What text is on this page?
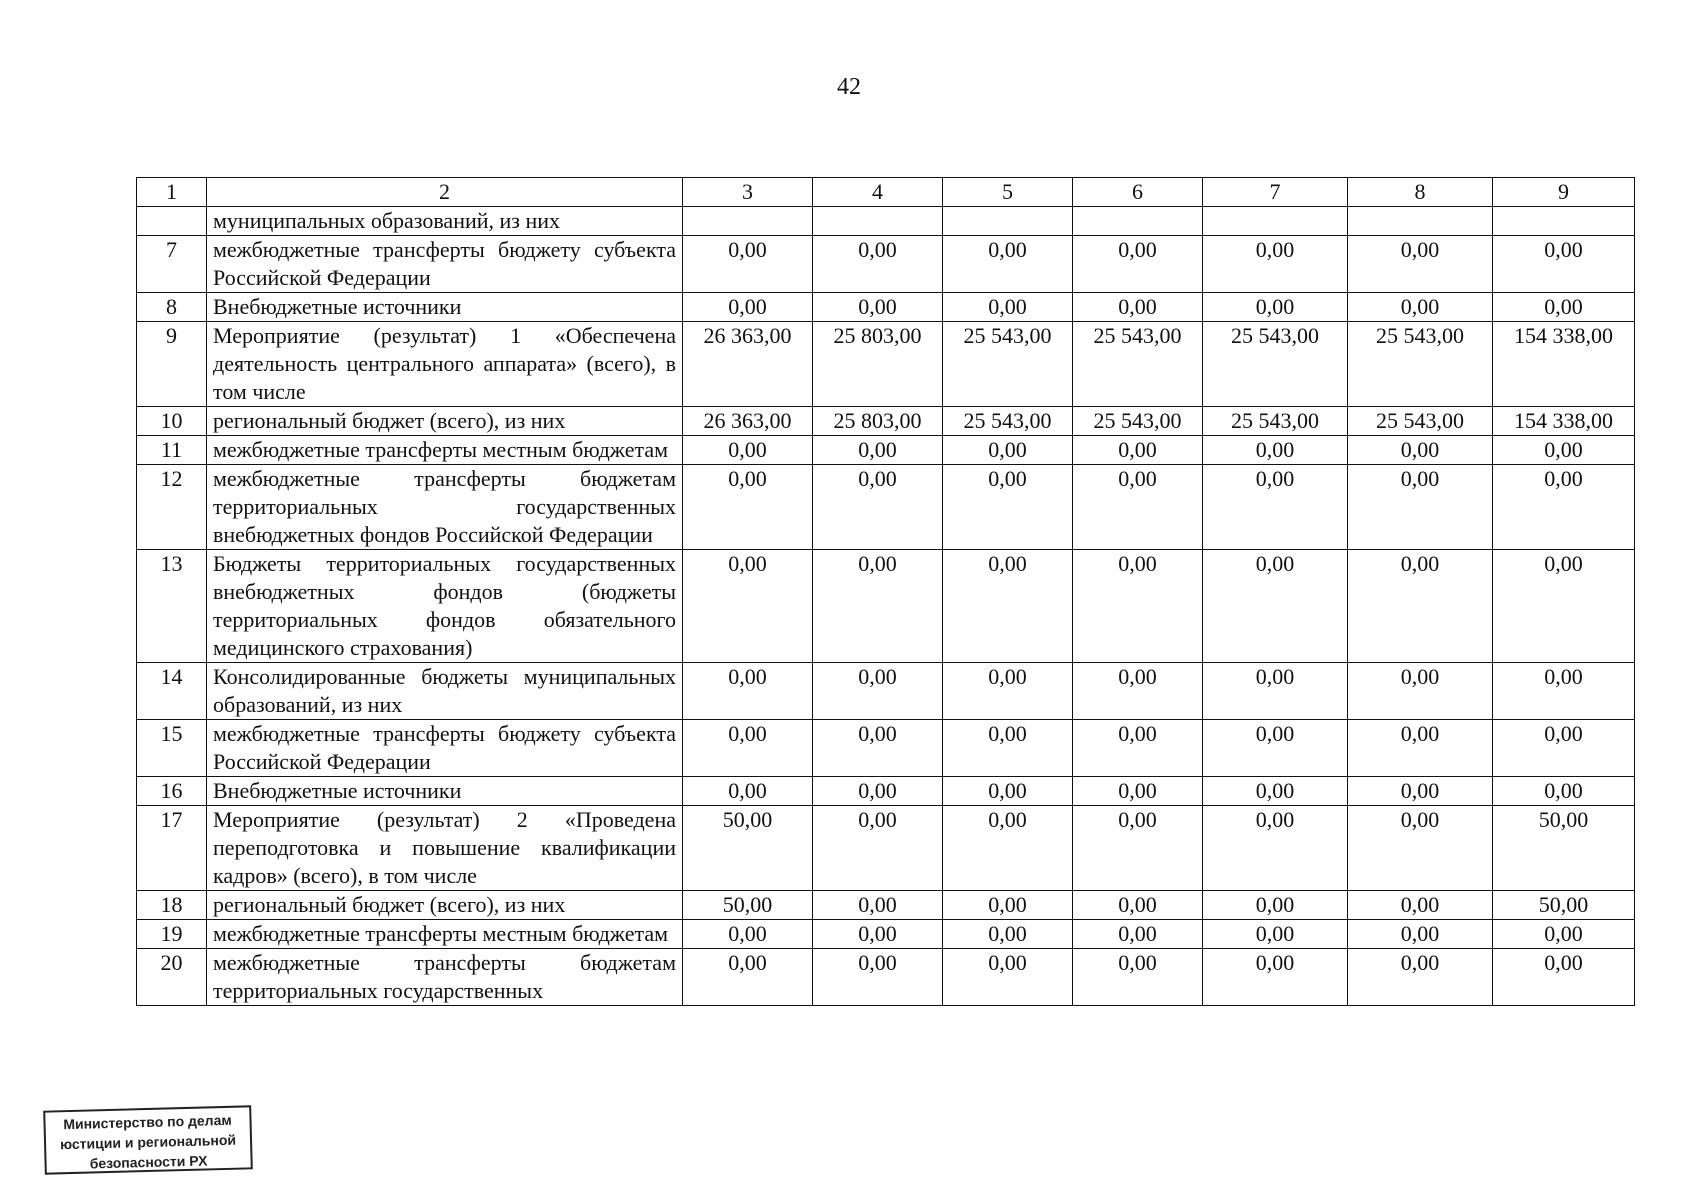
42
1	2	3	4	5	6	7	8	9
	муниципальных образований, из них							
7	межбюджетные трансферты бюджету субъекта Российской Федерации	0,00	0,00	0,00	0,00	0,00	0,00	0,00
8	Внебюджетные источники	0,00	0,00	0,00	0,00	0,00	0,00	0,00
9	Мероприятие (результат) 1 «Обеспечена деятельность центрального аппарата» (всего), в том числе	26 363,00	25 803,00	25 543,00	25 543,00	25 543,00	25 543,00	154 338,00
10	региональный бюджет (всего), из них	26 363,00	25 803,00	25 543,00	25 543,00	25 543,00	25 543,00	154 338,00
11	межбюджетные трансферты местным бюджетам	0,00	0,00	0,00	0,00	0,00	0,00	0,00
12	межбюджетные трансферты бюджетам территориальных государственных внебюджетных фондов Российской Федерации	0,00	0,00	0,00	0,00	0,00	0,00	0,00
13	Бюджеты территориальных государственных внебюджетных фондов (бюджеты территориальных фондов обязательного медицинского страхования)	0,00	0,00	0,00	0,00	0,00	0,00	0,00
14	Консолидированные бюджеты муниципальных образований, из них	0,00	0,00	0,00	0,00	0,00	0,00	0,00
15	межбюджетные трансферты бюджету субъекта Российской Федерации	0,00	0,00	0,00	0,00	0,00	0,00	0,00
16	Внебюджетные источники	0,00	0,00	0,00	0,00	0,00	0,00	0,00
17	Мероприятие (результат) 2 «Проведена переподготовка и повышение квалификации кадров» (всего), в том числе	50,00	0,00	0,00	0,00	0,00	0,00	50,00
18	региональный бюджет (всего), из них	50,00	0,00	0,00	0,00	0,00	0,00	50,00
19	межбюджетные трансферты местным бюджетам	0,00	0,00	0,00	0,00	0,00	0,00	0,00
20	межбюджетные трансферты бюджетам территориальных государственных	0,00	0,00	0,00	0,00	0,00	0,00	0,00
Министерство по делам
юстиции и региональной
безопасности РХ
